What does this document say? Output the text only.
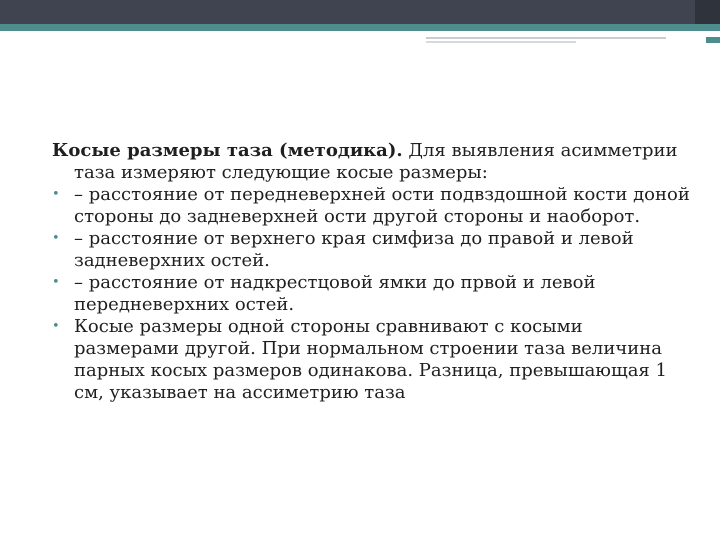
Косые размеры таза (методика). Для выявления асимметрии таза измеряют следующие косые размеры:

• – расстояние от передневерхней ости подвздошной кости доной стороны до задневерхней ости другой стороны и наоборот.

• – расстояние от верхнего края симфиза до правой и левой задневерхних остей.

• – расстояние от надкрестцовой ямки до првой и левой передневерхних остей.

• Косые размеры одной стороны сравнивают с косыми размерами другой. При нормальном строении таза величина парных косых размеров одинакова. Разница, превышающая 1 см, указывает на ассиметрию таза
